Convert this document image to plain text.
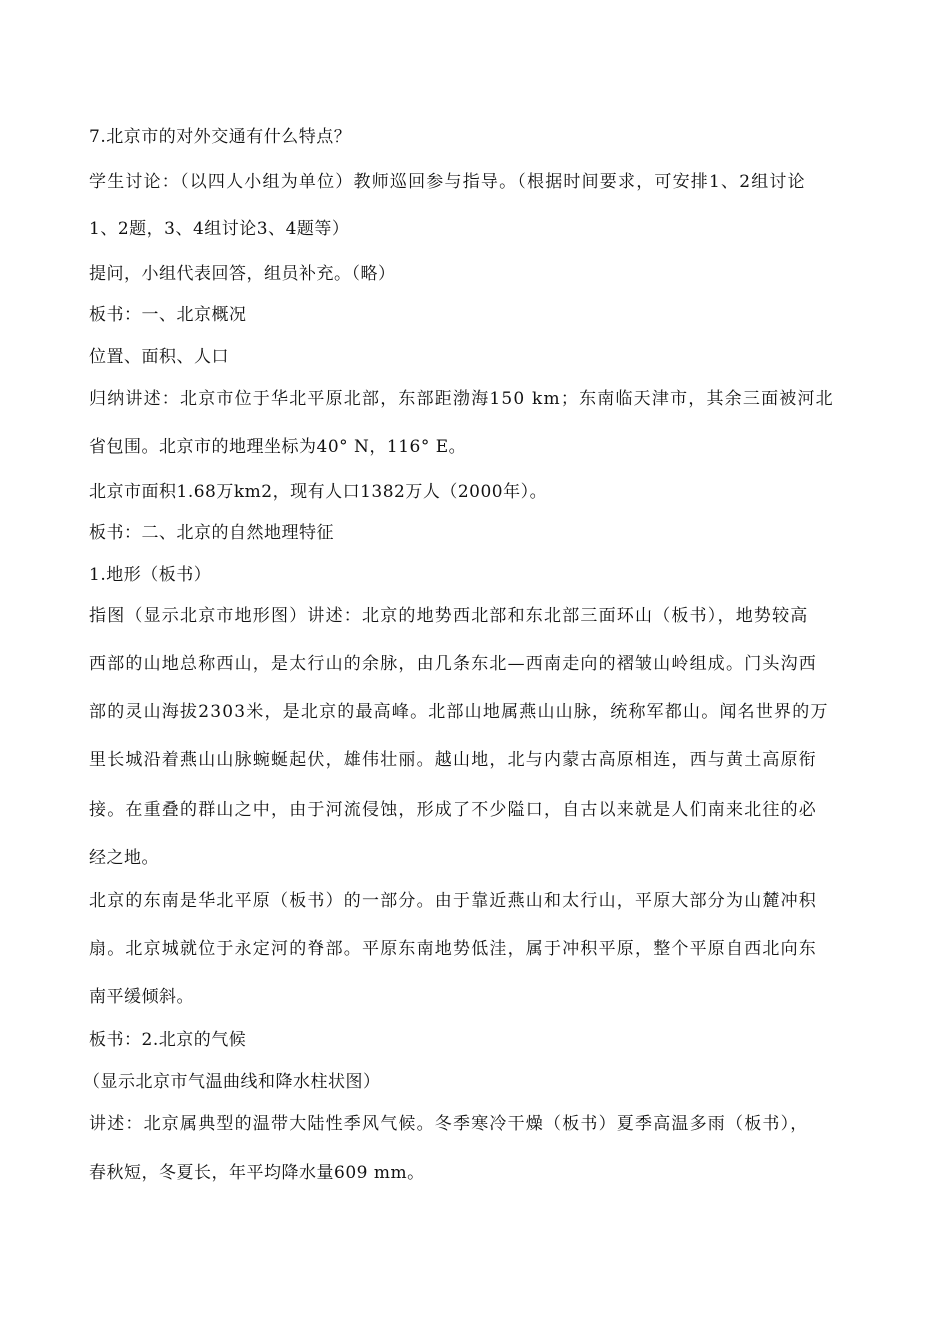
7.北京市的对外交通有什么特点？
学生讨论：（以四人小组为单位）教师巡回参与指导。（根据时间要求，可安排1、2组讨论
1、2题，3、4组讨论3、4题等）
提问，小组代表回答，组员补充。（略）
板书：一、北京概况
位置、面积、人口
归纳讲述：北京市位于华北平原北部，东部距渤海150 km；东南临天津市，其余三面被河北
省包围。北京市的地理坐标为40° N，116° E。
北京市面积1.68万km2，现有人口1382万人（2000年）。
板书：二、北京的自然地理特征
1.地形（板书）
指图（显示北京市地形图）讲述：北京的地势西北部和东北部三面环山（板书），地势较高
西部的山地总称西山，是太行山的余脉，由几条东北—西南走向的褶皱山岭组成。门头沟西
部的灵山海拔2303米，是北京的最高峰。北部山地属燕山山脉，统称军都山。闻名世界的万
里长城沿着燕山山脉蜿蜒起伏，雄伟壮丽。越山地，北与内蒙古高原相连，西与黄土高原衔
接。在重叠的群山之中，由于河流侵蚀，形成了不少隘口，自古以来就是人们南来北往的必
经之地。
北京的东南是华北平原（板书）的一部分。由于靠近燕山和太行山，平原大部分为山麓冲积
扇。北京城就位于永定河的脊部。平原东南地势低洼，属于冲积平原，整个平原自西北向东
南平缓倾斜。
板书：2.北京的气候
（显示北京市气温曲线和降水柱状图）
讲述：北京属典型的温带大陆性季风气候。冬季寒冷干燥（板书）夏季高温多雨（板书），
春秋短，冬夏长，年平均降水量609 mm。
